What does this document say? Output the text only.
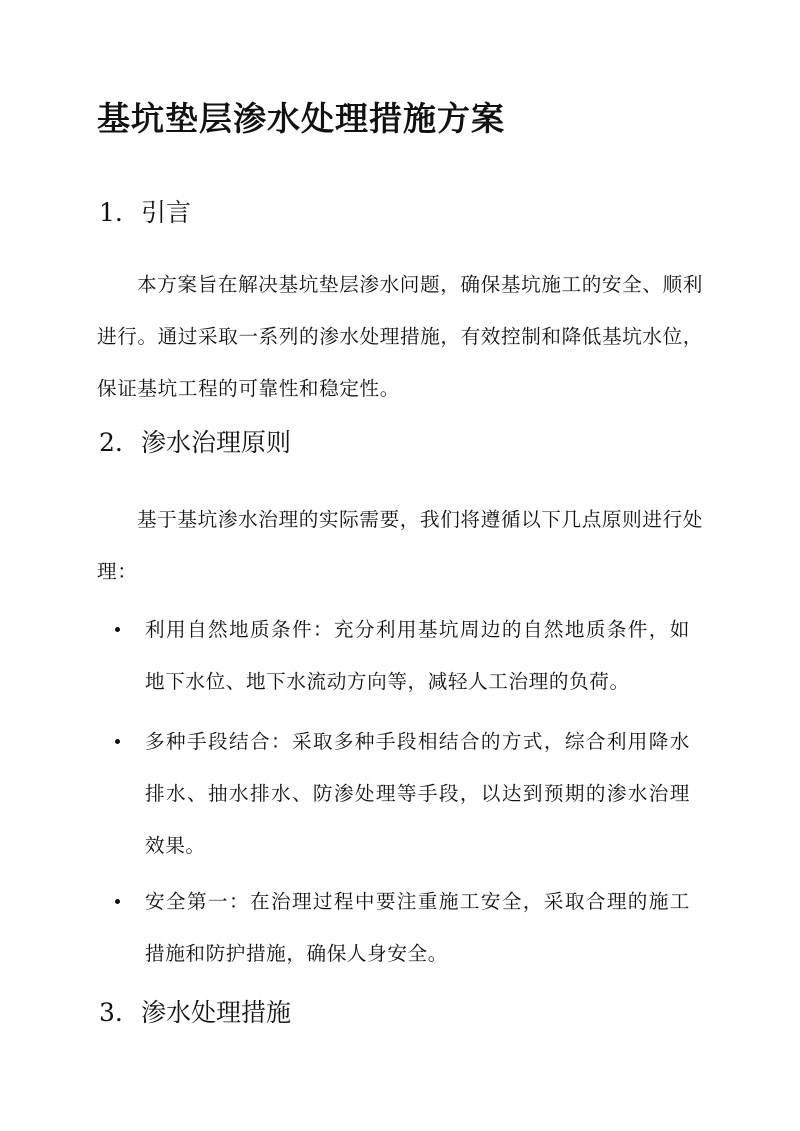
基坑垫层渗水处理措施方案
1. 引言

本方案旨在解决基坑垫层渗水问题，确保基坑施工的安全、顺利进行。通过采取一系列的渗水处理措施，有效控制和降低基坑水位，保证基坑工程的可靠性和稳定性。

2. 渗水治理原则

基于基坑渗水治理的实际需要，我们将遵循以下几点原则进行处理：

利用自然地质条件：充分利用基坑周边的自然地质条件，如地下水位、地下水流动方向等，减轻人工治理的负荷。

多种手段结合：采取多种手段相结合的方式，综合利用降水排水、抽水排水、防渗处理等手段，以达到预期的渗水治理效果。

安全第一：在治理过程中要注重施工安全，采取合理的施工措施和防护措施，确保人身安全。

3. 渗水处理措施
